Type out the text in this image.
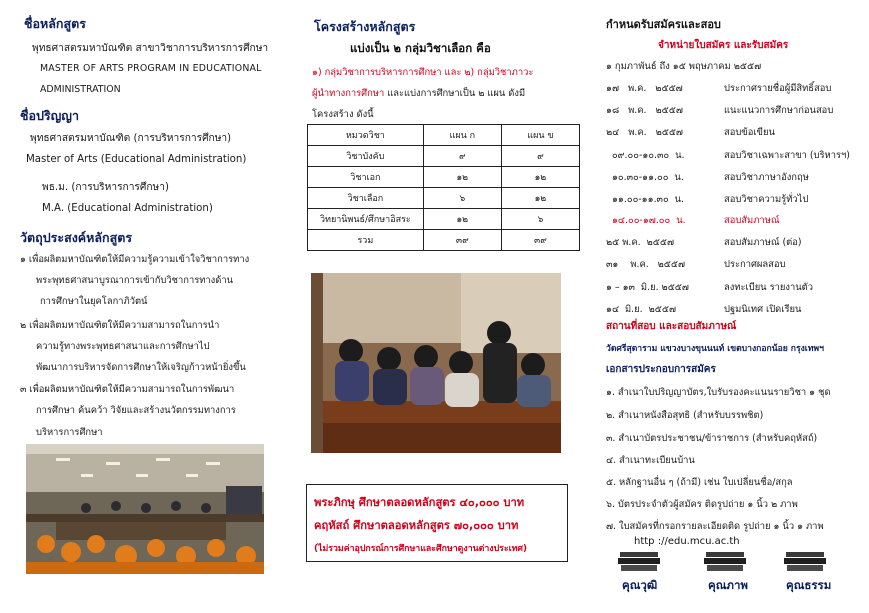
ชื่อหลักสูตร
พุทธศาสตรมหาบัณฑิต สาขาวิชาการบริหารการศึกษา
MASTER OF ARTS PROGRAM IN EDUCATIONAL
ADMINISTRATION
ชื่อปริญญา
พุทธศาสตรมหาบัณฑิต (การบริหารการศึกษา)
Master of Arts (Educational Administration)
พธ.ม. (การบริหารการศึกษา)
M.A. (Educational Administration)
วัตถุประสงค์หลักสูตร
๑ เพื่อผลิตมหาบัณฑิตให้มีความรู้ความเข้าใจวิชาการทาง
พระพุทธศาสนาบูรณาการเข้ากับวิชาการทางด้าน
การศึกษาในยุคโลกาภิวัตน์
๒ เพื่อผลิตมหาบัณฑิตให้มีความสามารถในการนำ
ความรู้ทางพระพุทธศาสนาและการศึกษาไป
พัฒนาการบริหารจัดการศึกษาให้เจริญก้าวหน้ายิ่งขึ้น
๓ เพื่อผลิตมหาบัณฑิตให้มีความสามารถในการพัฒนา
การศึกษา ค้นคว้า วิจัยและสร้างนวัตกรรมทางการ
บริหารการศึกษา
โครงสร้างหลักสูตร
แบ่งเป็น ๒ กลุ่มวิชาเลือก คือ
๑) กลุ่มวิชาการบริหารการศึกษา และ ๒) กลุ่มวิชาภาวะ
ผู้นำทางการศึกษา และแบ่งการศึกษาเป็น ๒ แผน ดังมี
โครงสร้าง ดังนี้
หมวดวิชา	แผน ก	แผน ข
วิชาบังคับ	๙	๙
วิชาเอก	๑๒	๑๒
วิชาเลือก	๖	๑๒
วิทยานิพนธ์/ศึกษาอิสระ	๑๒	๖
รวม	๓๙	๓๙
พระภิกษุ ศึกษาตลอดหลักสูตร ๔๐,๐๐๐ บาท
คฤหัสถ์ ศึกษาตลอดหลักสูตร ๗๐,๐๐๐ บาท
(ไม่รวมค่าอุปกรณ์การศึกษาและศึกษาดูงานต่างประเทศ)
กำหนดรับสมัครและสอบ
จำหน่ายใบสมัคร และรับสมัคร
๑ กุมภาพันธ์ ถึง ๑๕ พฤษภาคม ๒๕๕๗
๑๗   พ.ค.   ๒๕๕๗	ประกาศรายชื่อผู้มีสิทธิ์สอบ
๑๘   พ.ค.   ๒๕๕๗	แนะแนวการศึกษาก่อนสอบ
๒๔   พ.ค.   ๒๕๕๗	สอบข้อเขียน
๐๙.๐๐-๑๐.๓๐  น.	สอบวิชาเฉพาะสาขา (บริหารฯ)
๑๐.๓๐-๑๑.๐๐  น.	สอบวิชาภาษาอังกฤษ
๑๑.๐๐-๑๑.๓๐  น.	สอบวิชาความรู้ทั่วไป
๑๔.๐๐-๑๗.๐๐  น.	สอบสัมภาษณ์
๒๕ พ.ค.  ๒๕๕๗	สอบสัมภาษณ์ (ต่อ)
๓๑    พ.ค.   ๒๕๕๗	ประกาศผลสอบ
๑ – ๑๓  มิ.ย. ๒๕๕๗	ลงทะเบียน รายงานตัว
๑๔  มิ.ย.  ๒๕๕๗	ปฐมนิเทศ เปิดเรียน
สถานที่สอบ และสอบสัมภาษณ์
วัดศรีสุดาราม แขวงบางขุนนนท์ เขตบางกอกน้อย กรุงเทพฯ
เอกสารประกอบการสมัคร
๑. สำเนาใบปริญญาบัตร,ใบรับรองคะแนนรายวิชา ๑ ชุด
๒. สำเนาหนังสือสุทธิ (สำหรับบรรพชิต)
๓. สำเนาบัตรประชาชน/ข้าราชการ (สำหรับคฤหัสถ์)
๔. สำเนาทะเบียนบ้าน
๕. หลักฐานอื่น ๆ (ถ้ามี) เช่น ใบเปลี่ยนชื่อ/สกุล
๖. บัตรประจำตัวผู้สมัคร ติดรูปถ่าย ๑ นิ้ว ๒ ภาพ
๗. ใบสมัครที่กรอกรายละเอียดติด รูปถ่าย ๑ นิ้ว ๑ ภาพ
http ://edu.mcu.ac.th
คุณวุฒิ	คุณภาพ	คุณธรรม
